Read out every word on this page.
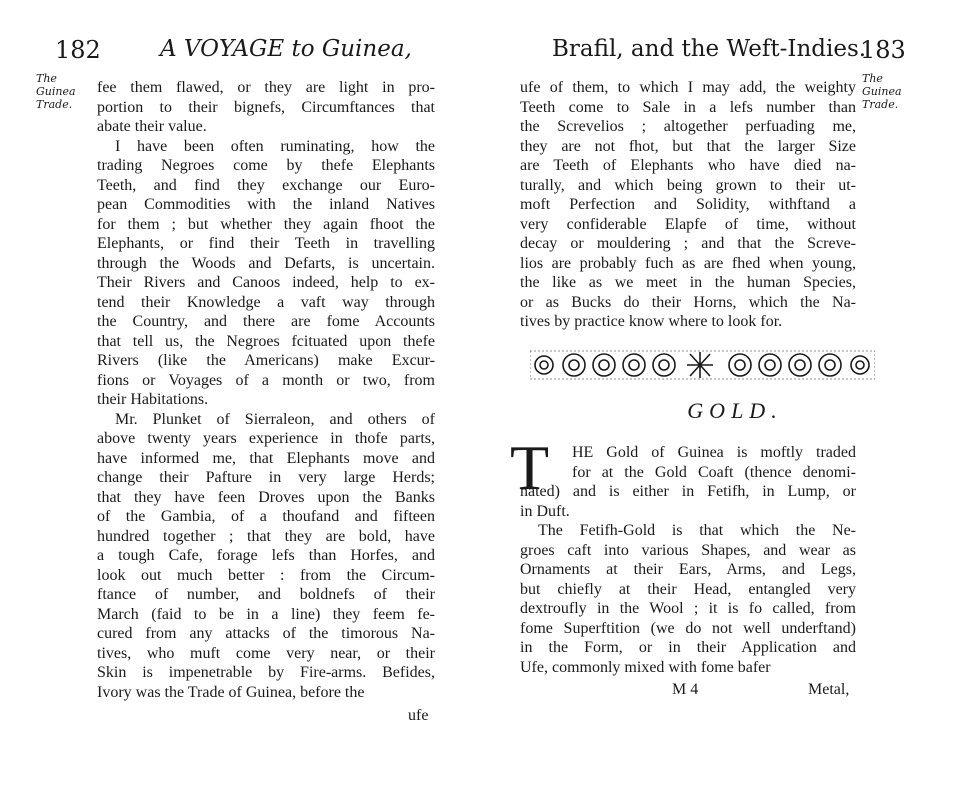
182	A VOYAGE to Guinea,
The Guinea Trade.
fee them flawed, or they are light in pro-
portion to their bignefs, Circumftances that
abate their value.
I have been often ruminating, how the
trading Negroes come by thefe Elephants
Teeth, and find they exchange our Euro-
pean Commodities with the inland Natives
for them ; but whether they again fhoot the
Elephants, or find their Teeth in travelling
through the Woods and Defarts, is uncertain.
Their Rivers and Canoos indeed, help to ex-
tend their Knowledge a vaft way through
the Country, and there are fome Accounts
that tell us, the Negroes fcituated upon thefe
Rivers (like the Americans) make Excur-
fions or Voyages of a month or two, from
their Habitations.
Mr. Plunket of Sierraleon, and others of
above twenty years experience in thofe parts,
have informed me, that Elephants move and
change their Pafture in very large Herds;
that they have feen Droves upon the Banks
of the Gambia, of a thoufand and fifteen
hundred together ; that they are bold, have
a tough Cafe, forage lefs than Horfes, and
look out much better : from the Circum-
ftance of number, and boldnefs of their
March (faid to be in a line) they feem fe-
cured from any attacks of the timorous Na-
tives, who muft come very near, or their
Skin is impenetrable by Fire-arms. Befides,
Ivory was the Trade of Guinea, before the
ufe
Brafil, and the Weft-Indies.
183
The Guinea Trade.
ufe of them, to which I may add, the weighty
Teeth come to Sale in a lefs number than
the Screvelios ; altogether perfuading me,
they are not fhot, but that the larger Size
are Teeth of Elephants who have died na-
turally, and which being grown to their ut-
moft Perfection and Solidity, withftand a
very confiderable Elapfe of time, without
decay or mouldering ; and that the Screve-
lios are probably fuch as are fhed when young,
the like as we meet in the human Species,
or as Bucks do their Horns, which the Na-
tives by practice know where to look for.
GOLD.
T	HE Gold of Guinea is moftly traded
for at the Gold Coaft (thence denomi-
nated) and is either in Fetifh, in Lump, or
in Duft.
The Fetifh-Gold is that which the Ne-
groes caft into various Shapes, and wear as
Ornaments at their Ears, Arms, and Legs,
but chiefly at their Head, entangled very
dextroufly in the Wool ; it is fo called, from
fome Superftition (we do not well underftand)
in the Form, or in their Application and
Ufe, commonly mixed with fome bafer
M 4	Metal,
